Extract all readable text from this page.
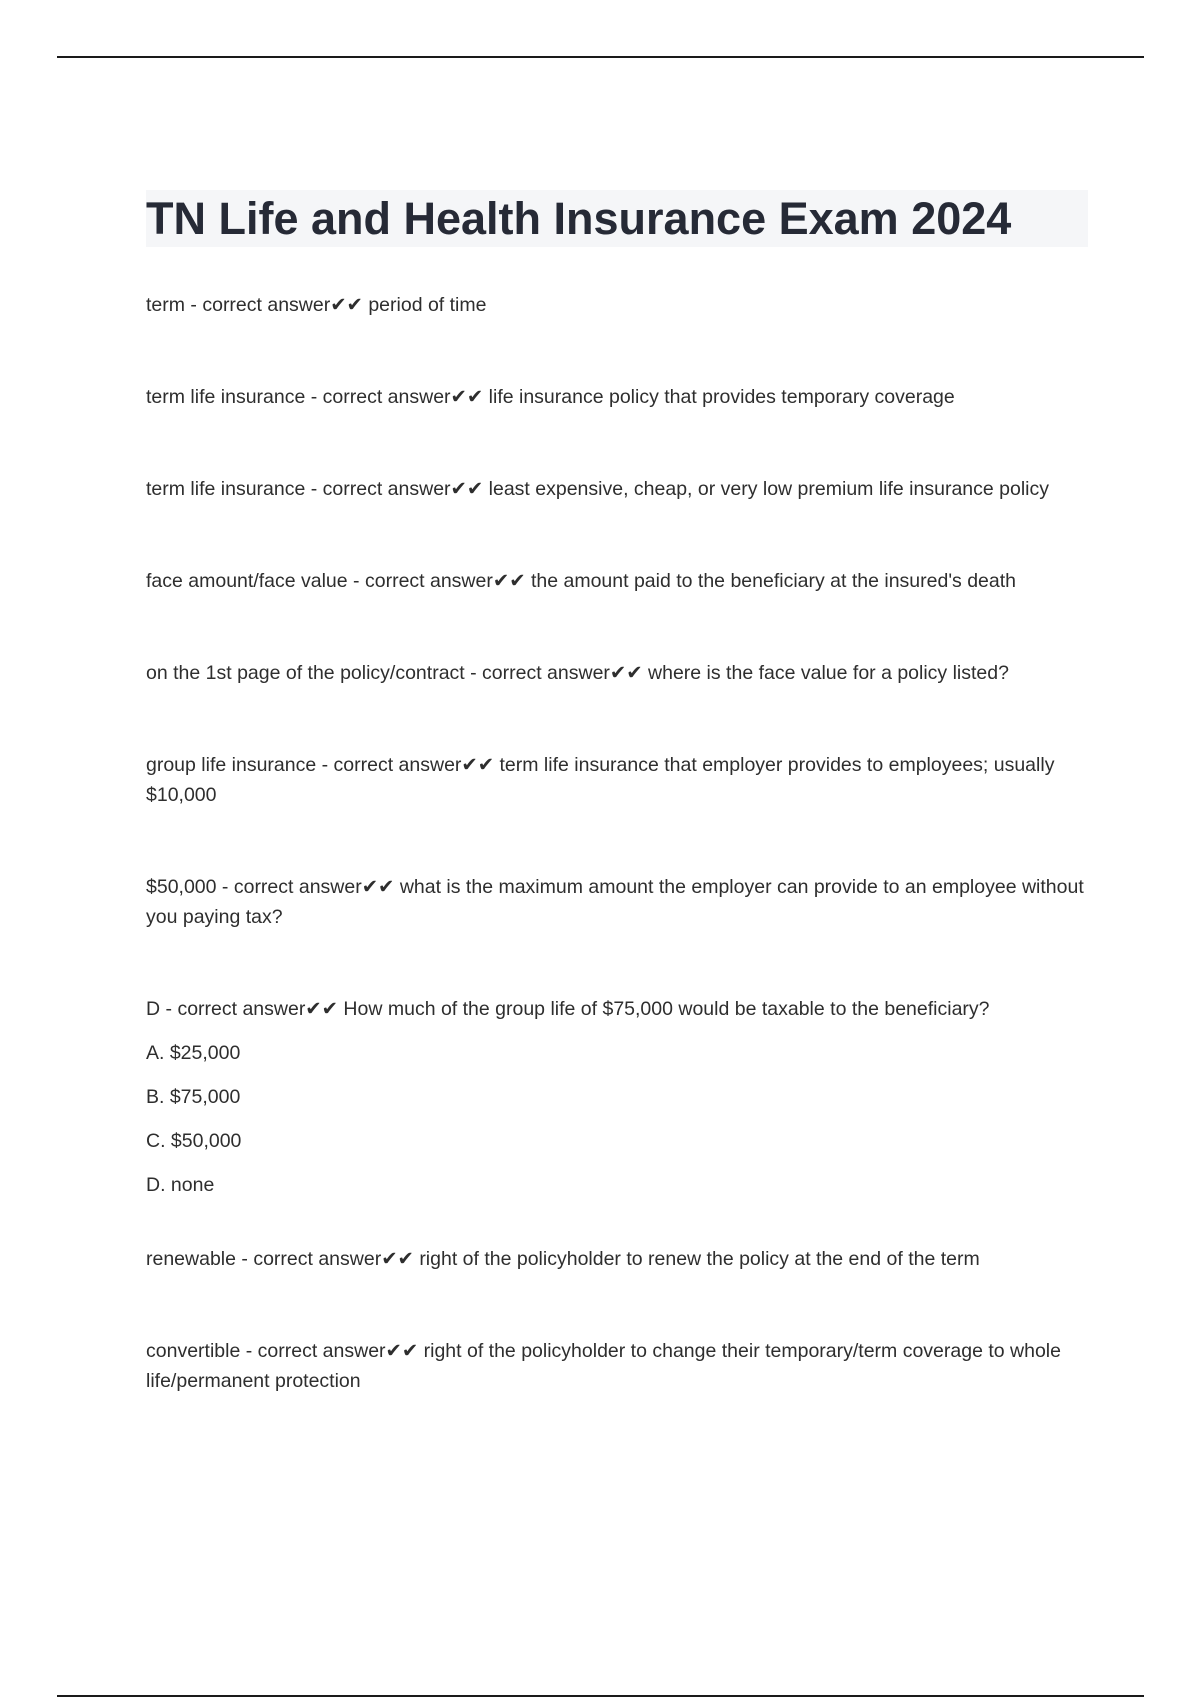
TN Life and Health Insurance Exam 2024

term - correct answer✔✔ period of time

term life insurance - correct answer✔✔ life insurance policy that provides temporary coverage

term life insurance - correct answer✔✔ least expensive, cheap, or very low premium life insurance policy

face amount/face value - correct answer✔✔ the amount paid to the beneficiary at the insured's death

on the 1st page of the policy/contract - correct answer✔✔ where is the face value for a policy listed?

group life insurance - correct answer✔✔ term life insurance that employer provides to employees; usually $10,000

$50,000 - correct answer✔✔ what is the maximum amount the employer can provide to an employee without you paying tax?

D - correct answer✔✔ How much of the group life of $75,000 would be taxable to the beneficiary?
A. $25,000
B. $75,000
C. $50,000
D. none

renewable - correct answer✔✔ right of the policyholder to renew the policy at the end of the term

convertible - correct answer✔✔ right of the policyholder to change their temporary/term coverage to whole life/permanent protection
